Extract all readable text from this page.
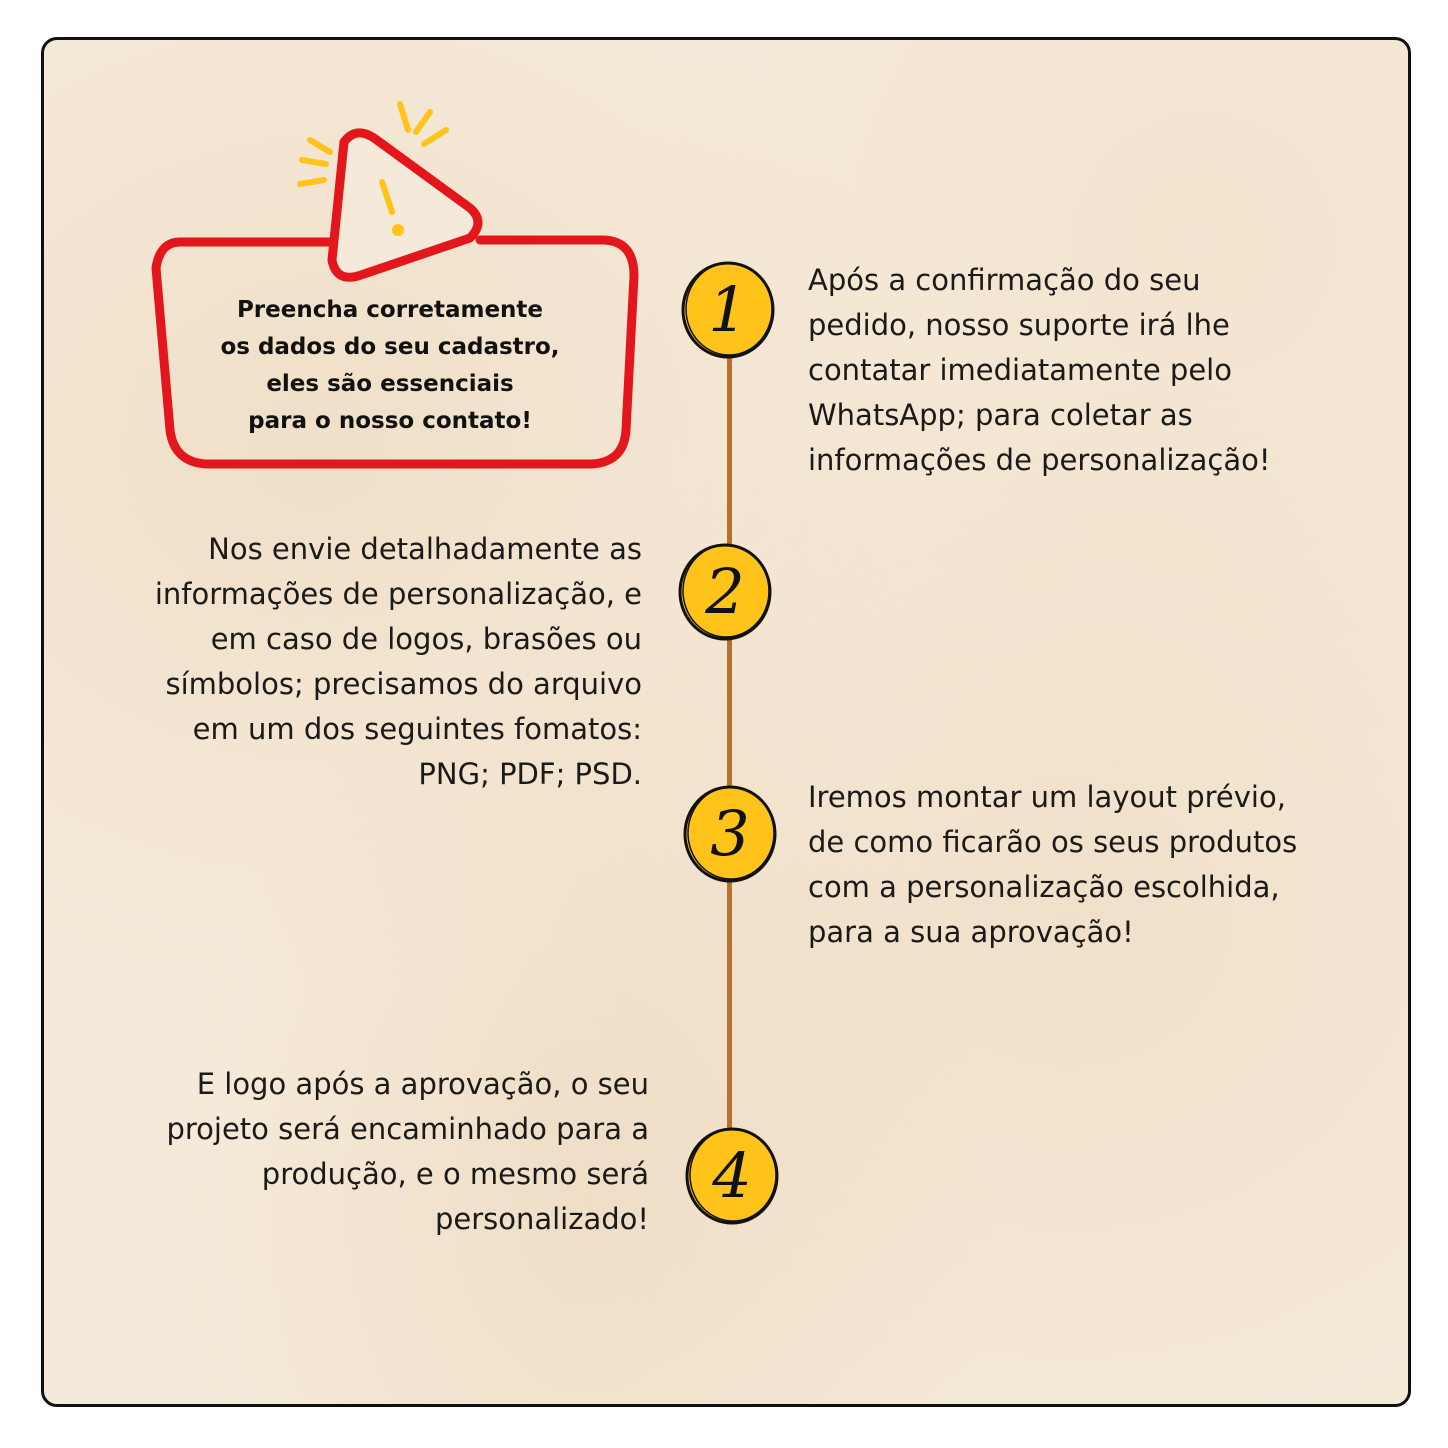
Preencha corretamente
os dados do seu cadastro,
eles são essenciais
para o nosso contato!
1
2
3
4
Após a confirmação do seu
pedido, nosso suporte irá lhe
contatar imediatamente pelo
WhatsApp; para coletar as
informações de personalização!
Nos envie detalhadamente as
informações de personalização, e
em caso de logos, brasões ou
símbolos; precisamos do arquivo
em um dos seguintes fomatos:
PNG; PDF; PSD.
Iremos montar um layout prévio,
de como ficarão os seus produtos
com a personalização escolhida,
para a sua aprovação!
E logo após a aprovação, o seu
projeto será encaminhado para a
produção, e o mesmo será
personalizado!
